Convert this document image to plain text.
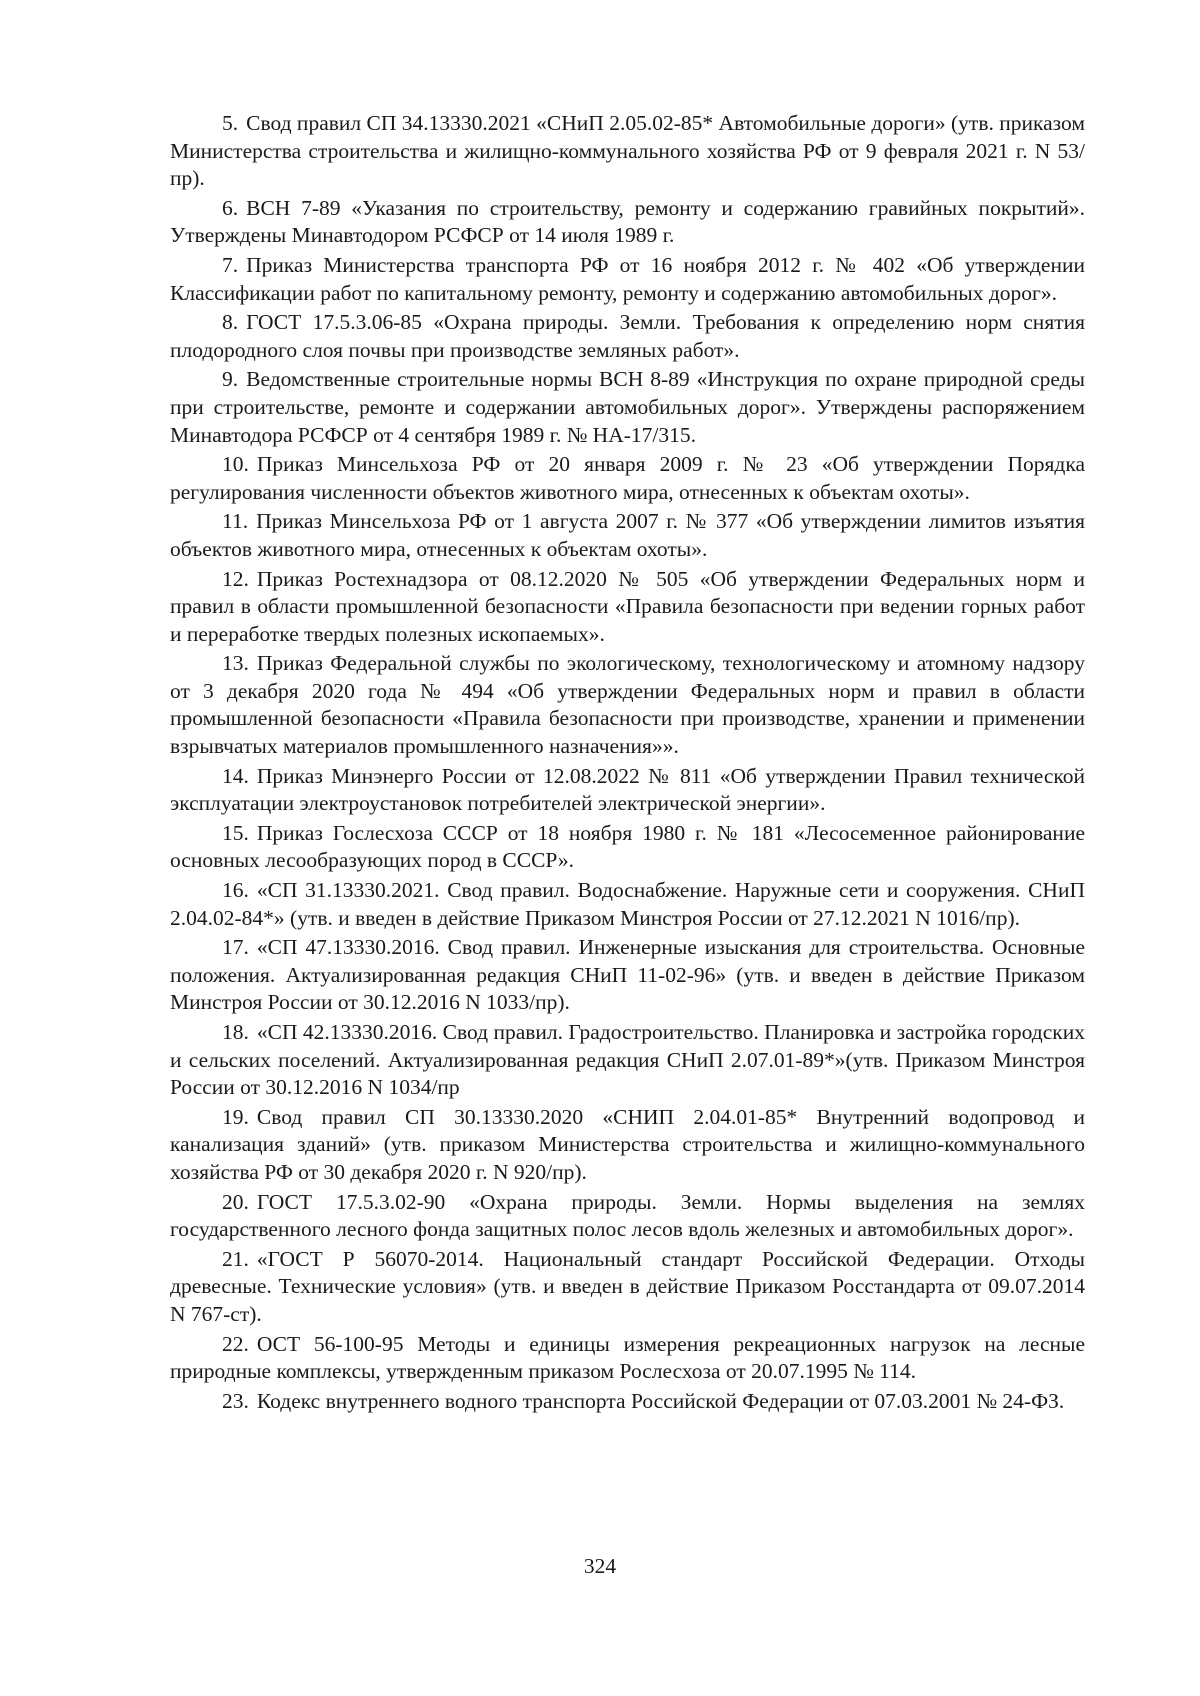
5. Свод правил СП 34.13330.2021 «СНиП 2.05.02-85* Автомобильные дороги» (утв. приказом Министерства строительства и жилищно-коммунального хозяйства РФ от 9 февраля 2021 г. N 53/пр).

6. ВСН 7-89 «Указания по строительству, ремонту и содержанию гравийных покрытий». Утверждены Минавтодором РСФСР от 14 июля 1989 г.

7. Приказ Министерства транспорта РФ от 16 ноября 2012 г. № 402 «Об утверждении Классификации работ по капитальному ремонту, ремонту и содержанию автомобильных дорог».

8. ГОСТ 17.5.3.06-85 «Охрана природы. Земли. Требования к определению норм снятия плодородного слоя почвы при производстве земляных работ».

9. Ведомственные строительные нормы ВСН 8-89 «Инструкция по охране природной среды при строительстве, ремонте и содержании автомобильных дорог». Утверждены распоряжением Минавтодора РСФСР от 4 сентября 1989 г. № НА-17/315.

10. Приказ Минсельхоза РФ от 20 января 2009 г. № 23 «Об утверждении Порядка регулирования численности объектов животного мира, отнесенных к объектам охоты».

11. Приказ Минсельхоза РФ от 1 августа 2007 г. № 377 «Об утверждении лимитов изъятия объектов животного мира, отнесенных к объектам охоты».

12. Приказ Ростехнадзора от 08.12.2020 № 505 «Об утверждении Федеральных норм и правил в области промышленной безопасности «Правила безопасности при ведении горных работ и переработке твердых полезных ископаемых».

13. Приказ Федеральной службы по экологическому, технологическому и атомному надзору от 3 декабря 2020 года № 494 «Об утверждении Федеральных норм и правил в области промышленной безопасности «Правила безопасности при производстве, хранении и применении взрывчатых материалов промышленного назначения»».

14. Приказ Минэнерго России от 12.08.2022 № 811 «Об утверждении Правил технической эксплуатации электроустановок потребителей электрической энергии».

15. Приказ Гослесхоза СССР от 18 ноября 1980 г. № 181 «Лесосеменное районирование основных лесообразующих пород в СССР».

16. «СП 31.13330.2021. Свод правил. Водоснабжение. Наружные сети и сооружения. СНиП 2.04.02-84*» (утв. и введен в действие Приказом Минстроя России от 27.12.2021 N 1016/пр).

17. «СП 47.13330.2016. Свод правил. Инженерные изыскания для строительства. Основные положения. Актуализированная редакция СНиП 11-02-96» (утв. и введен в действие Приказом Минстроя России от 30.12.2016 N 1033/пр).

18. «СП 42.13330.2016. Свод правил. Градостроительство. Планировка и застройка городских и сельских поселений. Актуализированная редакция СНиП 2.07.01-89*»(утв. Приказом Минстроя России от 30.12.2016 N 1034/пр

19. Свод правил СП 30.13330.2020 «СНИП 2.04.01-85* Внутренний водопровод и канализация зданий» (утв. приказом Министерства строительства и жилищно-коммунального хозяйства РФ от 30 декабря 2020 г. N 920/пр).

20. ГОСТ 17.5.3.02-90 «Охрана природы. Земли. Нормы выделения на землях государственного лесного фонда защитных полос лесов вдоль железных и автомобильных дорог».

21. «ГОСТ Р 56070-2014. Национальный стандарт Российской Федерации. Отходы древесные. Технические условия» (утв. и введен в действие Приказом Росстандарта от 09.07.2014 N 767-ст).

22. ОСТ 56-100-95 Методы и единицы измерения рекреационных нагрузок на лесные природные комплексы, утвержденным приказом Рослесхоза от 20.07.1995 № 114.

23. Кодекс внутреннего водного транспорта Российской Федерации от 07.03.2001 № 24-ФЗ.

324
